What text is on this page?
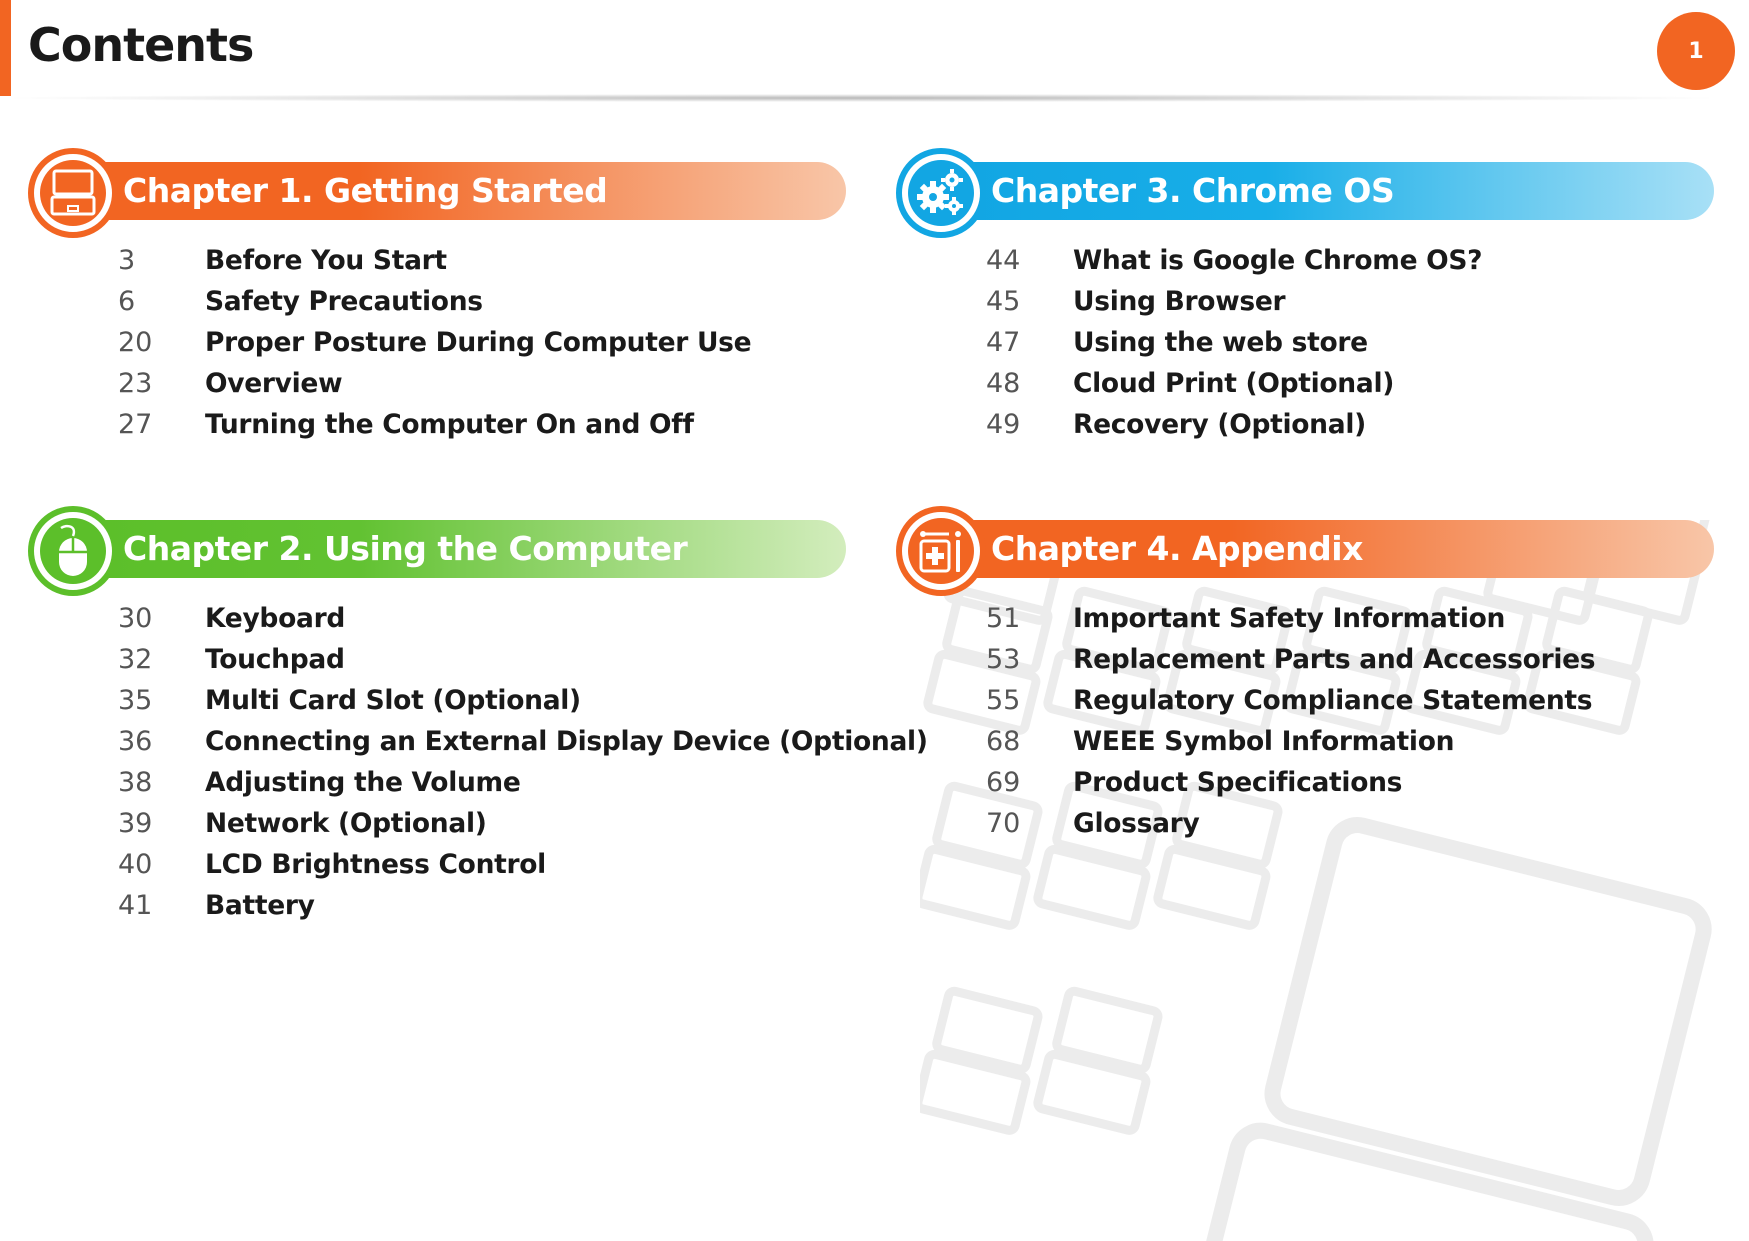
Contents	1
Chapter 1. Getting Started
3	Before You Start
6	Safety Precautions
20	Proper Posture During Computer Use
23	Overview
27	Turning the Computer On and Off
Chapter 2. Using the Computer
30	Keyboard
32	Touchpad
35	Multi Card Slot (Optional)
36	Connecting an External Display Device (Optional)
38	Adjusting the Volume
39	Network (Optional)
40	LCD Brightness Control
41	Battery
Chapter 3. Chrome OS
44	What is Google Chrome OS?
45	Using Browser
47	Using the web store
48	Cloud Print (Optional)
49	Recovery (Optional)
Chapter 4. Appendix
51	Important Safety Information
53	Replacement Parts and Accessories
55	Regulatory Compliance Statements
68	WEEE Symbol Information
69	Product Specifications
70	Glossary
